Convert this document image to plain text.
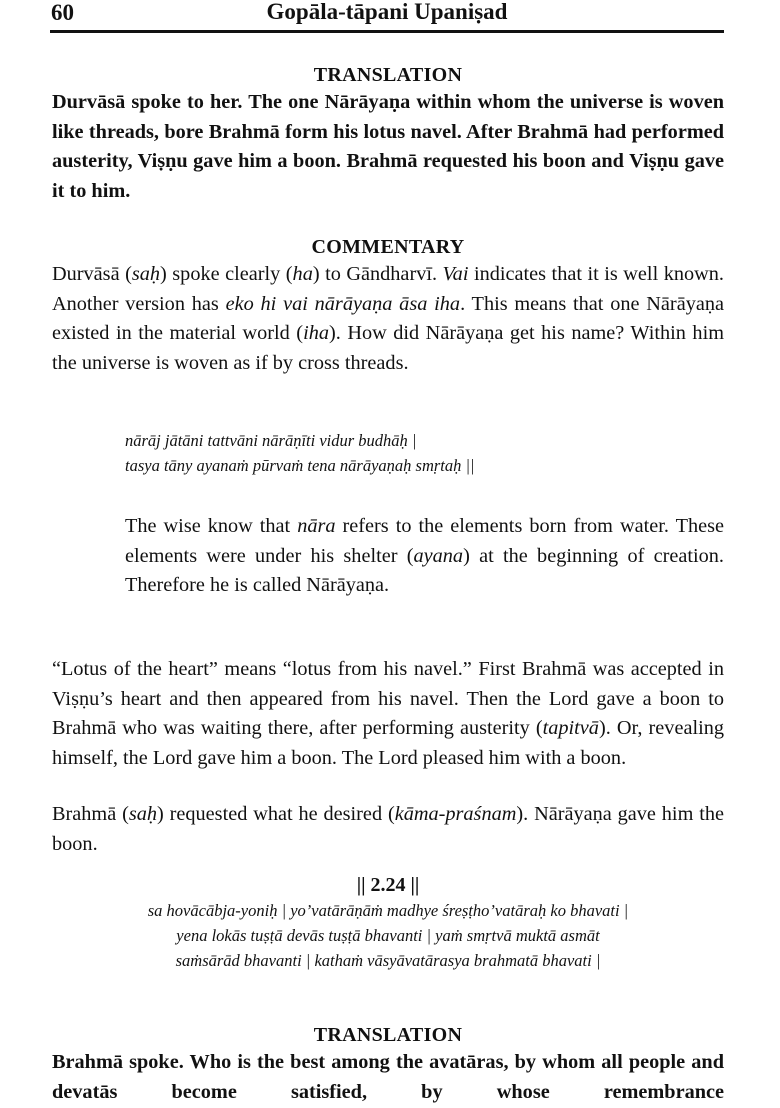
60	Gopāla-tāpani Upaniṣad
TRANSLATION

Durvāsā spoke to her. The one Nārāyaṇa within whom the universe is woven like threads, bore Brahmā form his lotus navel. After Brahmā had performed austerity, Viṣṇu gave him a boon. Brahmā requested his boon and Viṣṇu gave it to him.

COMMENTARY

Durvāsā (saḥ) spoke clearly (ha) to Gāndharvī. Vai indicates that it is well known. Another version has eko hi vai nārāyaṇa āsa iha. This means that one Nārāyaṇa existed in the material world (iha). How did Nārāyaṇa get his name? Within him the universe is woven as if by cross threads.

nārāj jātāni tattvāni nārāṇīti vidur budhāḥ |
tasya tāny ayanaṁ pūrvaṁ tena nārāyaṇaḥ smṛtaḥ ||

The wise know that nāra refers to the elements born from water. These elements were under his shelter (ayana) at the beginning of creation. Therefore he is called Nārāyaṇa.

“Lotus of the heart” means “lotus from his navel.” First Brahmā was accepted in Viṣṇu’s heart and then appeared from his navel. Then the Lord gave a boon to Brahmā who was waiting there, after performing austerity (tapitvā). Or, revealing himself, the Lord gave him a boon. The Lord pleased him with a boon.

Brahmā (saḥ) requested what he desired (kāma-praśnam). Nārāyaṇa gave him the boon.

|| 2.24 ||
sa hovācābja-yoniḥ | yo’vatārāṇāṁ madhye śreṣṭho’vatāraḥ ko bhavati |
yena lokās tuṣṭā devās tuṣṭā bhavanti | yaṁ smṛtvā muktā asmāt
saṁsārād bhavanti | kathaṁ vāsyāvatārasya brahmatā bhavati |
TRANSLATION

Brahmā spoke. Who is the best among the avatāras, by whom all people and devatās become satisfied, by whose remembrance
